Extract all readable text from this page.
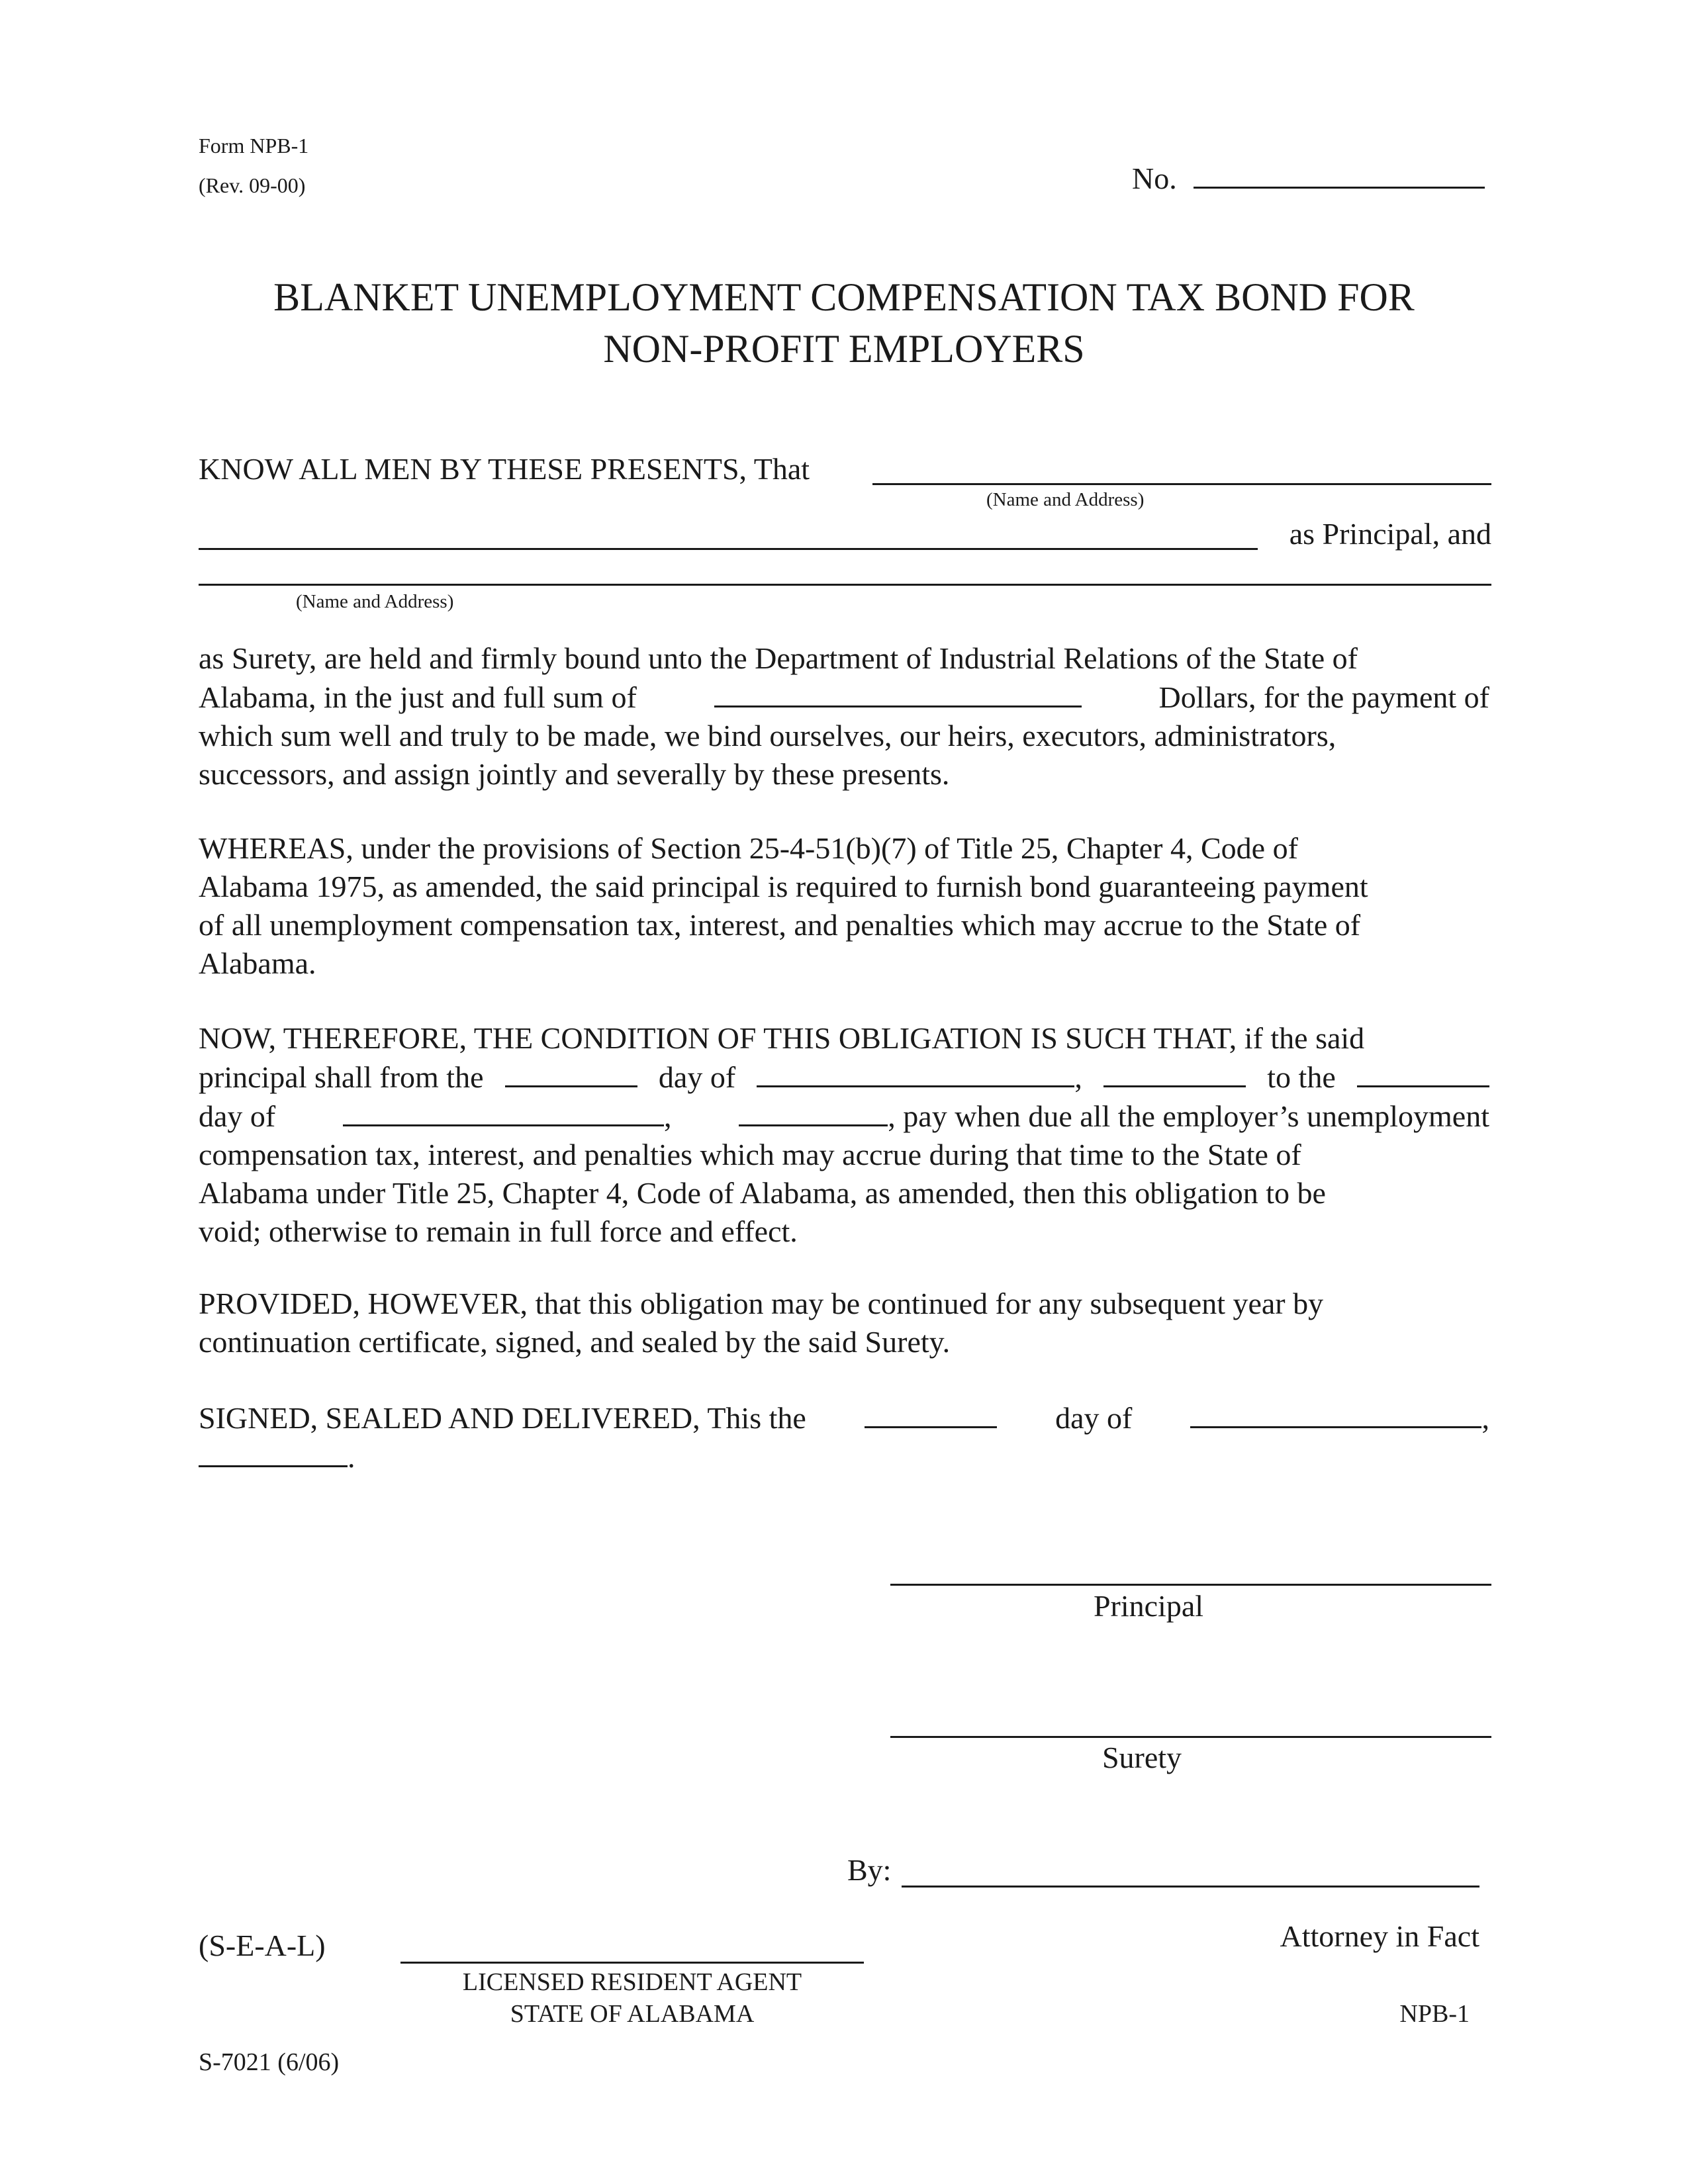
Form NPB-1
(Rev. 09-00)	No.
BLANKET UNEMPLOYMENT COMPENSATION TAX BOND FOR
NON-PROFIT EMPLOYERS
KNOW ALL MEN BY THESE PRESENTS, That
(Name and Address)
as Principal, and
(Name and Address)
as Surety, are held and firmly bound unto the Department of Industrial Relations of the State of
Alabama, in the just and full sum of	Dollars, for the payment of
which sum well and truly to be made, we bind ourselves, our heirs, executors, administrators,
successors, and assign jointly and severally by these presents.
WHEREAS, under the provisions of Section 25-4-51(b)(7) of Title 25, Chapter 4, Code of
Alabama 1975, as amended, the said principal is required to furnish bond guaranteeing payment
of all unemployment compensation tax, interest, and penalties which may accrue to the State of
Alabama.
NOW, THEREFORE, THE CONDITION OF THIS OBLIGATION IS SUCH THAT, if the said
principal shall from the	day of	,	to the
day of	,	, pay when due all the employer’s unemployment
compensation tax, interest, and penalties which may accrue during that time to the State of
Alabama under Title 25, Chapter 4, Code of Alabama, as amended, then this obligation to be
void; otherwise to remain in full force and effect.
PROVIDED, HOWEVER, that this obligation may be continued for any subsequent year by
continuation certificate, signed, and sealed by the said Surety.
SIGNED, SEALED AND DELIVERED, This the	day of	,
.
Principal
Surety
By:
Attorney in Fact
(S-E-A-L)
LICENSED RESIDENT AGENT
STATE OF ALABAMA	NPB-1
S-7021 (6/06)
